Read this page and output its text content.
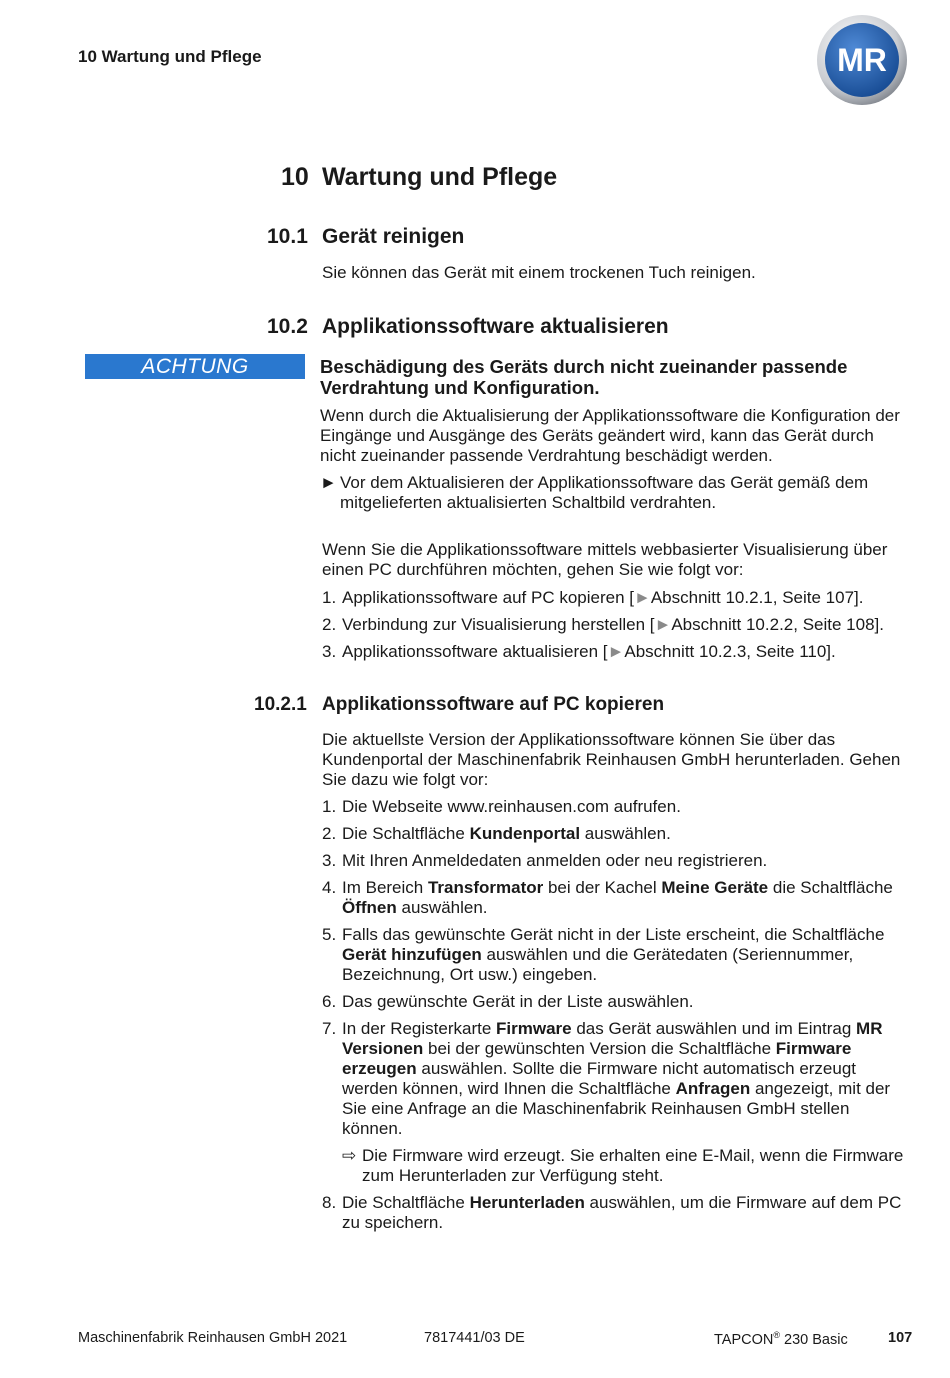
10 Wartung und Pflege	MR
10 Wartung und Pflege
10.1 Gerät reinigen
Sie können das Gerät mit einem trockenen Tuch reinigen.
10.2 Applikationssoftware aktualisieren
ACHTUNG	Beschädigung des Geräts durch nicht zueinander passende Verdrahtung und Konfiguration.
Wenn durch die Aktualisierung der Applikationssoftware die Konfiguration der Eingänge und Ausgänge des Geräts geändert wird, kann das Gerät durch nicht zueinander passende Verdrahtung beschädigt werden.
► Vor dem Aktualisieren der Applikationssoftware das Gerät gemäß dem mitgelieferten aktualisierten Schaltbild verdrahten.
Wenn Sie die Applikationssoftware mittels webbasierter Visualisierung über einen PC durchführen möchten, gehen Sie wie folgt vor:
1. Applikationssoftware auf PC kopieren [►Abschnitt 10.2.1, Seite 107].
2. Verbindung zur Visualisierung herstellen [►Abschnitt 10.2.2, Seite 108].
3. Applikationssoftware aktualisieren [►Abschnitt 10.2.3, Seite 110].
10.2.1 Applikationssoftware auf PC kopieren
Die aktuellste Version der Applikationssoftware können Sie über das Kundenportal der Maschinenfabrik Reinhausen GmbH herunterladen. Gehen Sie dazu wie folgt vor:
1. Die Webseite www.reinhausen.com aufrufen.
2. Die Schaltfläche Kundenportal auswählen.
3. Mit Ihren Anmeldedaten anmelden oder neu registrieren.
4. Im Bereich Transformator bei der Kachel Meine Geräte die Schaltfläche Öffnen auswählen.
5. Falls das gewünschte Gerät nicht in der Liste erscheint, die Schaltfläche Gerät hinzufügen auswählen und die Gerätedaten (Seriennummer, Bezeichnung, Ort usw.) eingeben.
6. Das gewünschte Gerät in der Liste auswählen.
7. In der Registerkarte Firmware das Gerät auswählen und im Eintrag MR Versionen bei der gewünschten Version die Schaltfläche Firmware erzeugen auswählen. Sollte die Firmware nicht automatisch erzeugt werden können, wird Ihnen die Schaltfläche Anfragen angezeigt, mit der Sie eine Anfrage an die Maschinenfabrik Reinhausen GmbH stellen können.
⇨ Die Firmware wird erzeugt. Sie erhalten eine E-Mail, wenn die Firmware zum Herunterladen zur Verfügung steht.
8. Die Schaltfläche Herunterladen auswählen, um die Firmware auf dem PC zu speichern.
Maschinenfabrik Reinhausen GmbH 2021	7817441/03 DE	TAPCON® 230 Basic	107
